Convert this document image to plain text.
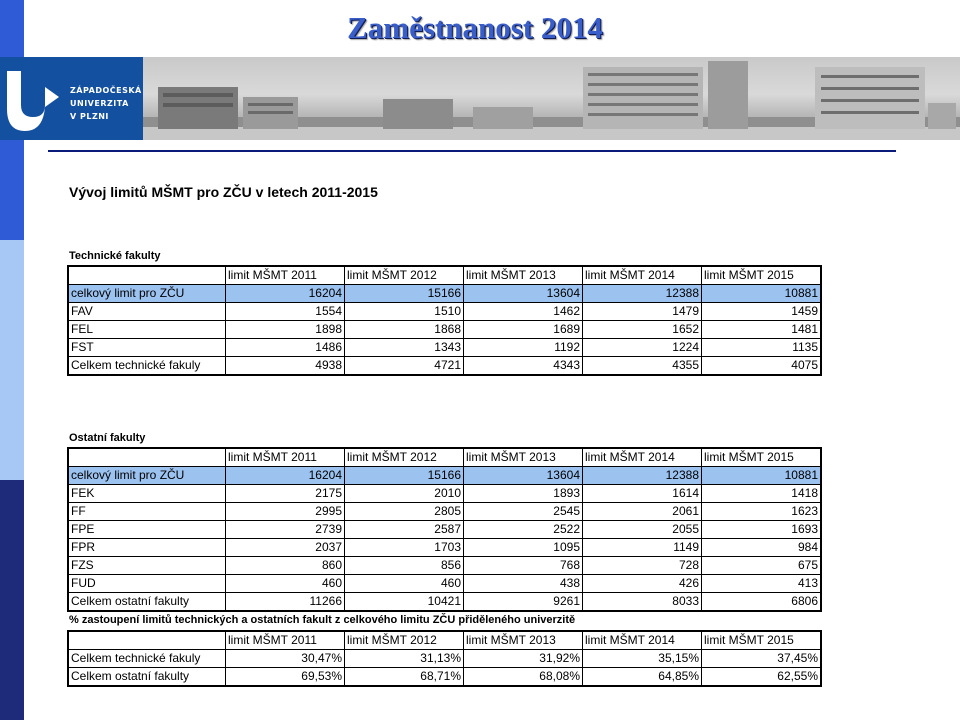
Zaměstnanost 2014
ZÁPADOČESKÁ
UNIVERZITA
V PLZNI
Vývoj limitů MŠMT pro ZČU v letech 2011-2015
Technické fakulty
	limit MŠMT 2011	limit MŠMT 2012	limit MŠMT 2013	limit MŠMT 2014	limit MŠMT 2015
celkový limit pro ZČU	16204	15166	13604	12388	10881
FAV	1554	1510	1462	1479	1459
FEL	1898	1868	1689	1652	1481
FST	1486	1343	1192	1224	1135
Celkem technické fakuly	4938	4721	4343	4355	4075
Ostatní fakulty
	limit MŠMT 2011	limit MŠMT 2012	limit MŠMT 2013	limit MŠMT 2014	limit MŠMT 2015
celkový limit pro ZČU	16204	15166	13604	12388	10881
FEK	2175	2010	1893	1614	1418
FF	2995	2805	2545	2061	1623
FPE	2739	2587	2522	2055	1693
FPR	2037	1703	1095	1149	984
FZS	860	856	768	728	675
FUD	460	460	438	426	413
Celkem ostatní fakulty	11266	10421	9261	8033	6806
% zastoupení limitů technických a ostatních fakult z celkového limitu ZČU přiděleného univerzitě
	limit MŠMT 2011	limit MŠMT 2012	limit MŠMT 2013	limit MŠMT 2014	limit MŠMT 2015
Celkem technické fakuly	30,47%	31,13%	31,92%	35,15%	37,45%
Celkem ostatní fakulty	69,53%	68,71%	68,08%	64,85%	62,55%
